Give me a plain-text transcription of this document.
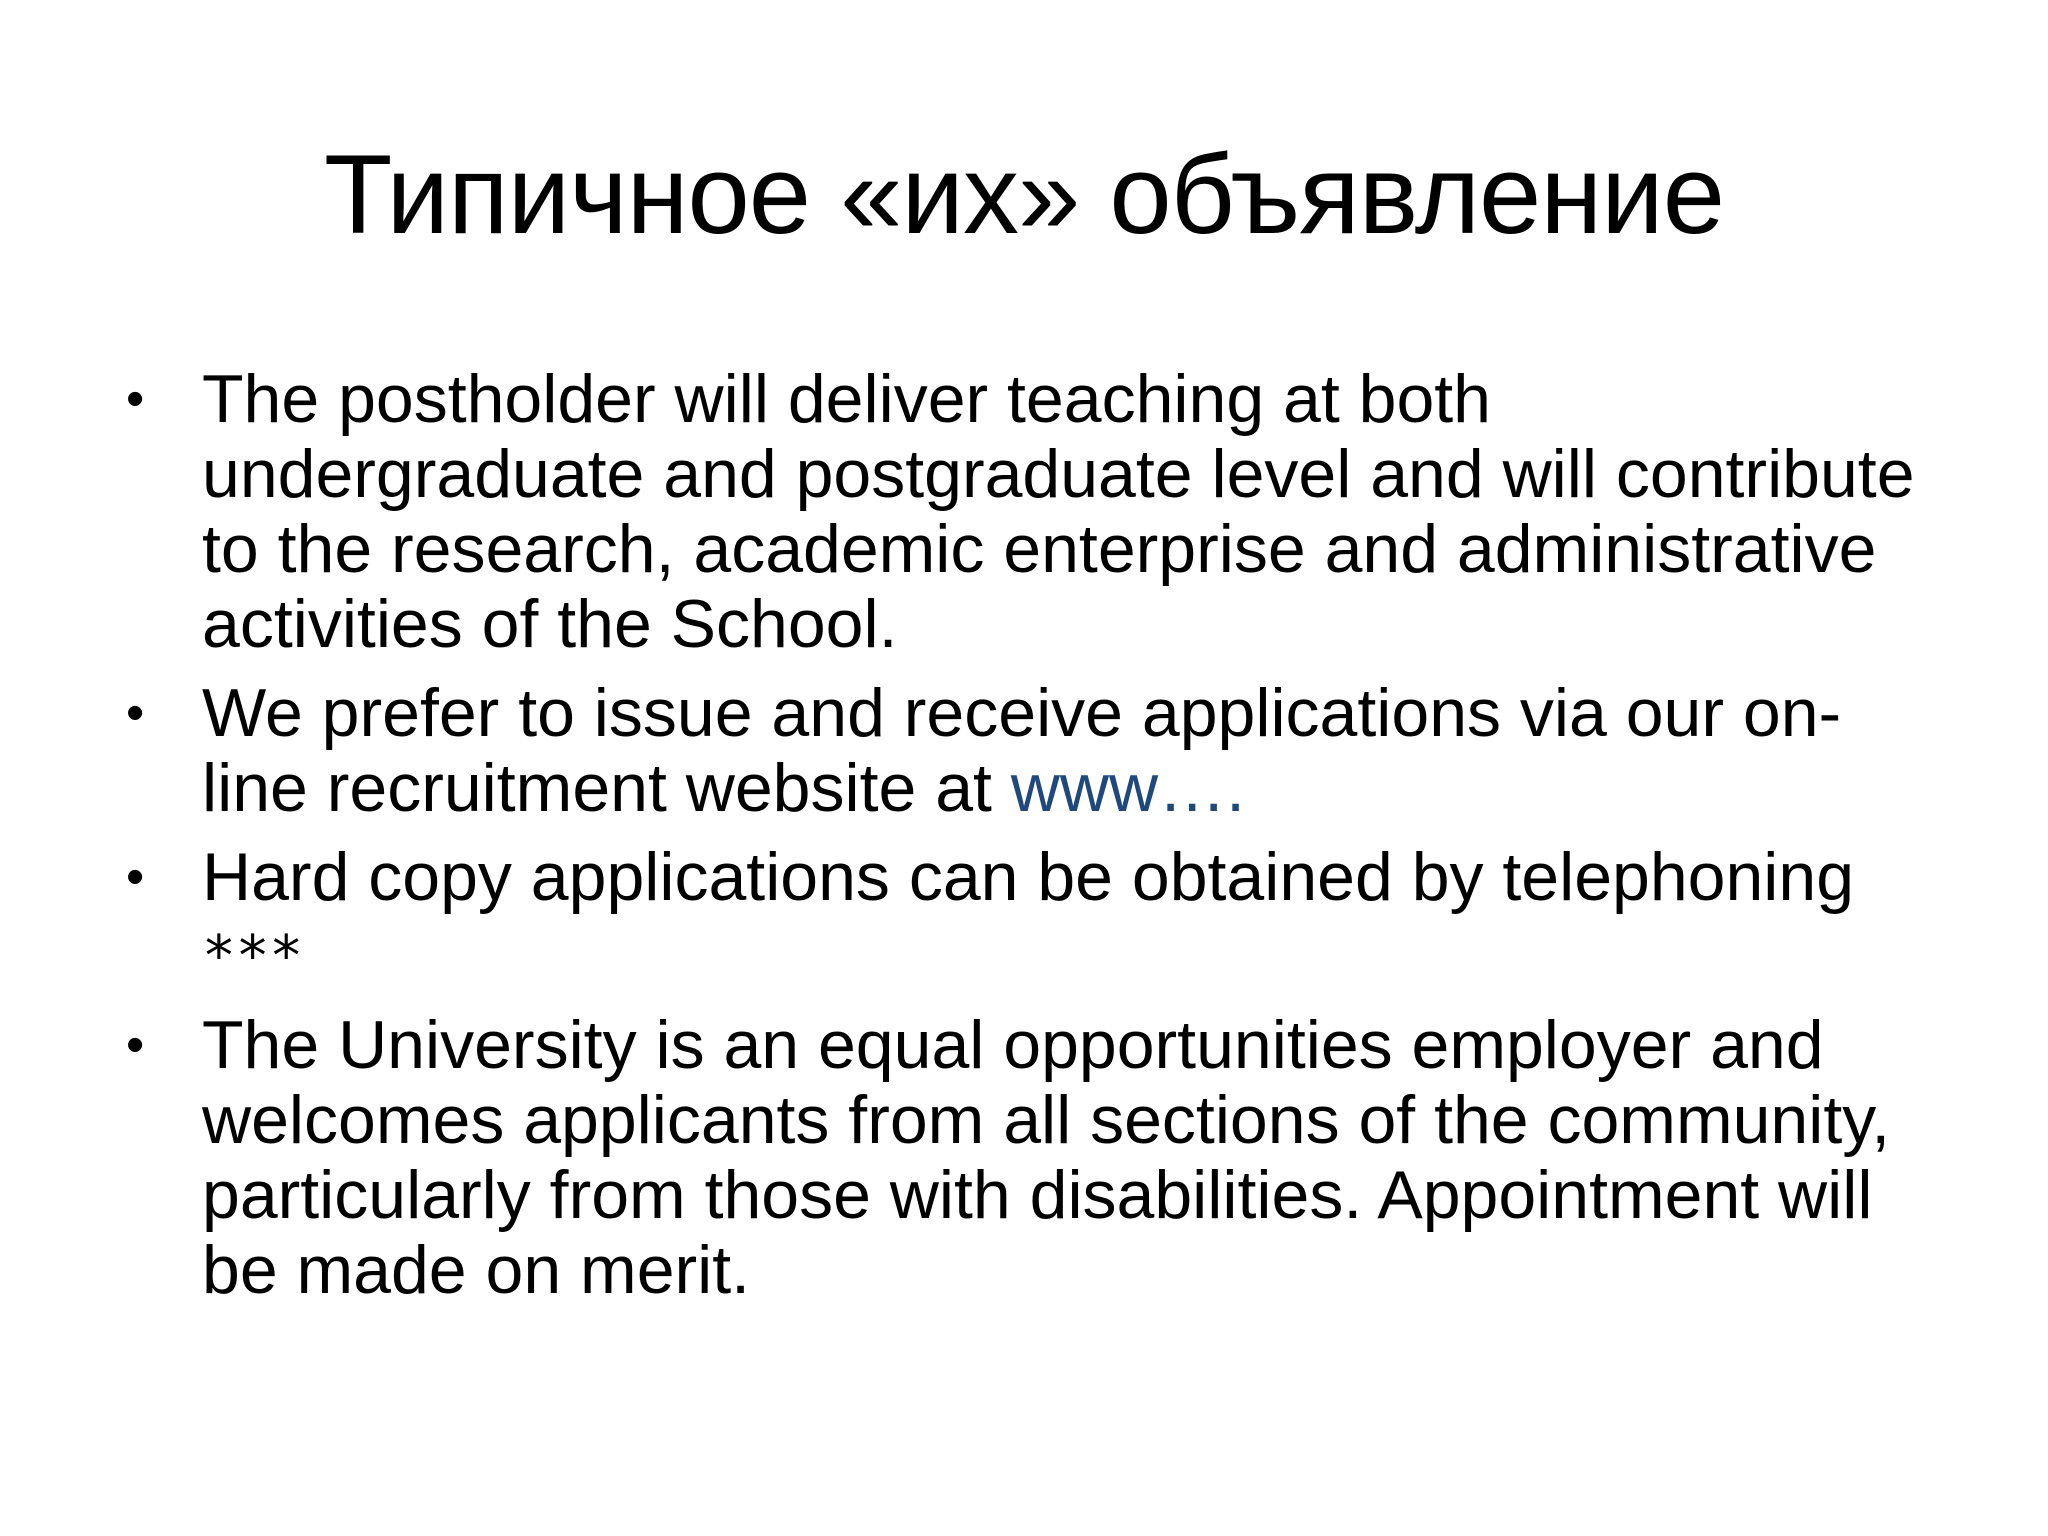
Типичное «их» объявление
• The postholder will deliver teaching at both undergraduate and postgraduate level and will contribute to the research, academic enterprise and administrative activities of the School.
• We prefer to issue and receive applications via our on-line recruitment website at www….
• Hard copy applications can be obtained by telephoning
***
• The University is an equal opportunities employer and welcomes applicants from all sections of the community, particularly from those with disabilities. Appointment will be made on merit.
